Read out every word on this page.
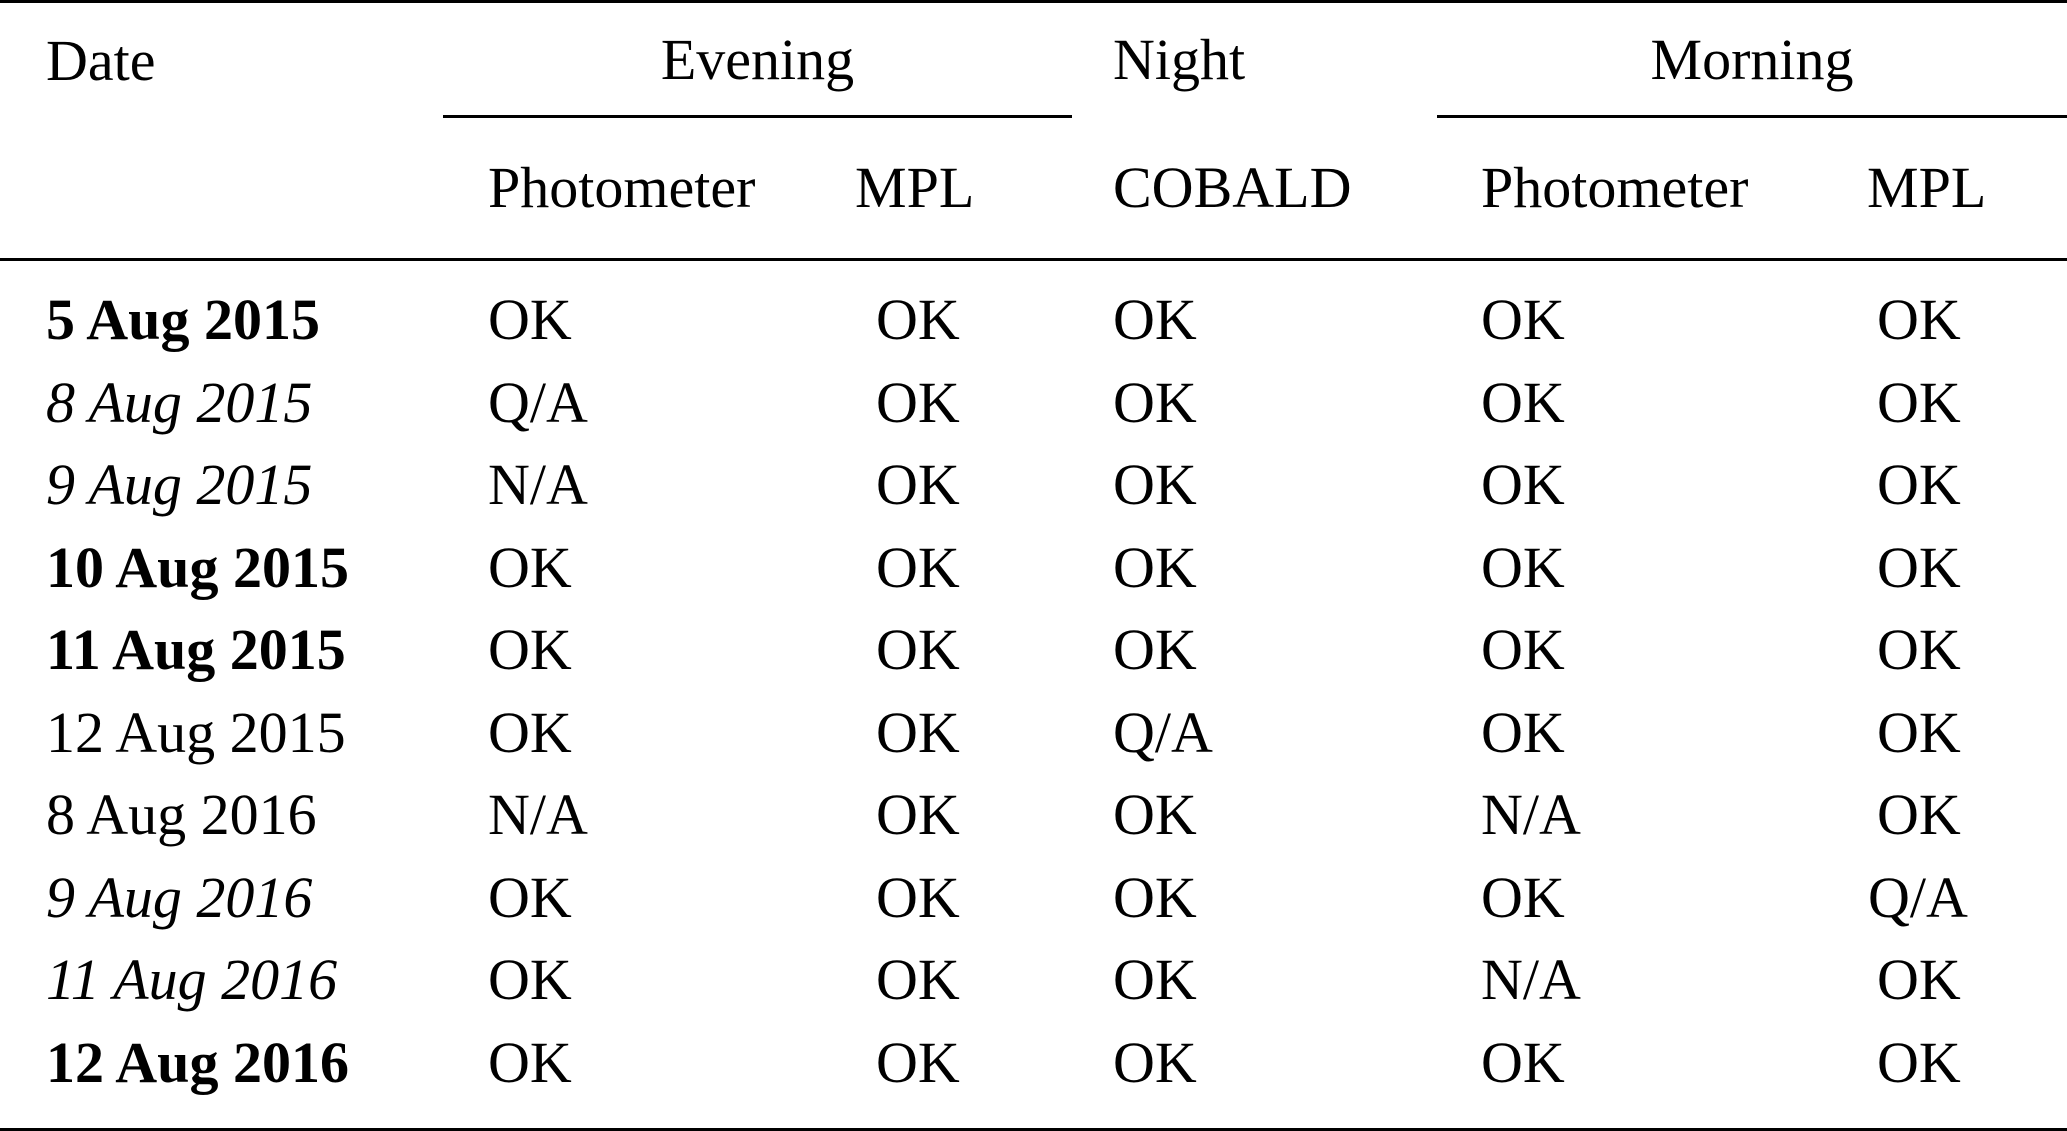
Date	Evening		Night	Morning	

	Photometer	MPL	COBALD	Photometer	MPL

5 Aug 2015	OK	OK	OK	OK	OK
8 Aug 2015	Q/A	OK	OK	OK	OK
9 Aug 2015	N/A	OK	OK	OK	OK
10 Aug 2015	OK	OK	OK	OK	OK
11 Aug 2015	OK	OK	OK	OK	OK
12 Aug 2015	OK	OK	Q/A	OK	OK
8 Aug 2016	N/A	OK	OK	N/A	OK
9 Aug 2016	OK	OK	OK	OK	Q/A
11 Aug 2016	OK	OK	OK	N/A	OK
12 Aug 2016	OK	OK	OK	OK	OK
